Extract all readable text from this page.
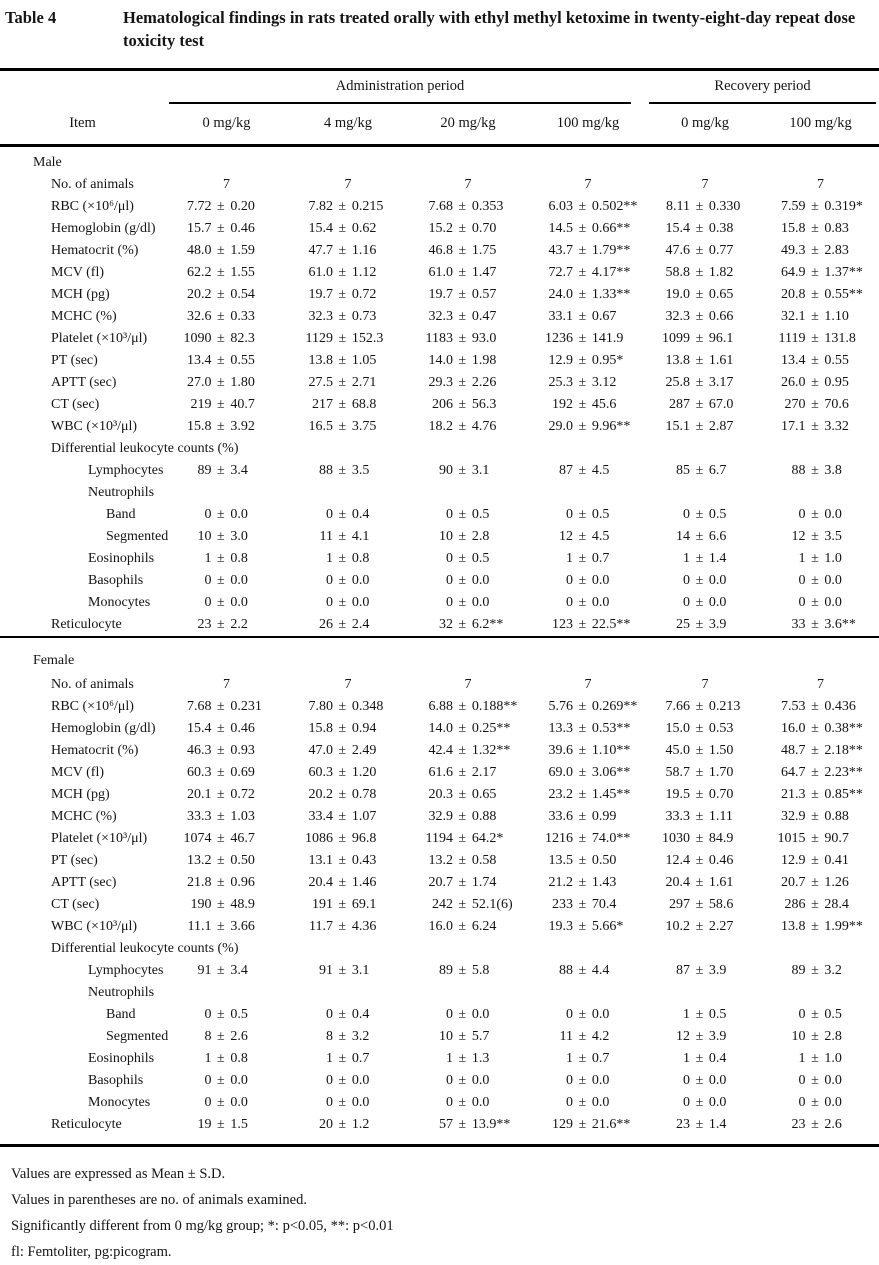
Table 4	Hematological findings in rats treated orally with ethyl methyl ketoxime in twenty-eight-day repeat dose
toxicity test

	Administration period				Recovery period	

Item	0 mg/kg	4 mg/kg	20 mg/kg	100 mg/kg	0 mg/kg	100 mg/kg
Male						
No. of animals	7	7	7	7	7	7
RBC (×10⁶/μl)	7.72 ± 0.20	7.82 ± 0.215	7.68 ± 0.353	6.03 ± 0.502**	8.11 ± 0.330	7.59 ± 0.319*
Hemoglobin (g/dl)	15.7 ± 0.46	15.4 ± 0.62	15.2 ± 0.70	14.5 ± 0.66**	15.4 ± 0.38	15.8 ± 0.83
Hematocrit (%)	48.0 ± 1.59	47.7 ± 1.16	46.8 ± 1.75	43.7 ± 1.79**	47.6 ± 0.77	49.3 ± 2.83
MCV (fl)	62.2 ± 1.55	61.0 ± 1.12	61.0 ± 1.47	72.7 ± 4.17**	58.8 ± 1.82	64.9 ± 1.37**
MCH (pg)	20.2 ± 0.54	19.7 ± 0.72	19.7 ± 0.57	24.0 ± 1.33**	19.0 ± 0.65	20.8 ± 0.55**
MCHC (%)	32.6 ± 0.33	32.3 ± 0.73	32.3 ± 0.47	33.1 ± 0.67	32.3 ± 0.66	32.1 ± 1.10
Platelet (×10³/μl)	1090 ± 82.3	1129 ± 152.3	1183 ± 93.0	1236 ± 141.9	1099 ± 96.1	1119 ± 131.8
PT (sec)	13.4 ± 0.55	13.8 ± 1.05	14.0 ± 1.98	12.9 ± 0.95*	13.8 ± 1.61	13.4 ± 0.55
APTT (sec)	27.0 ± 1.80	27.5 ± 2.71	29.3 ± 2.26	25.3 ± 3.12	25.8 ± 3.17	26.0 ± 0.95
CT (sec)	219 ± 40.7	217 ± 68.8	206 ± 56.3	192 ± 45.6	287 ± 67.0	270 ± 70.6
WBC (×10³/μl)	15.8 ± 3.92	16.5 ± 3.75	18.2 ± 4.76	29.0 ± 9.96**	15.1 ± 2.87	17.1 ± 3.32
Differential leukocyte counts (%)						
Lymphocytes	89 ± 3.4	88 ± 3.5	90 ± 3.1	87 ± 4.5	85 ± 6.7	88 ± 3.8
Neutrophils						
Band	0 ± 0.0	0 ± 0.4	0 ± 0.5	0 ± 0.5	0 ± 0.5	0 ± 0.0
Segmented	10 ± 3.0	11 ± 4.1	10 ± 2.8	12 ± 4.5	14 ± 6.6	12 ± 3.5
Eosinophils	1 ± 0.8	1 ± 0.8	0 ± 0.5	1 ± 0.7	1 ± 1.4	1 ± 1.0
Basophils	0 ± 0.0	0 ± 0.0	0 ± 0.0	0 ± 0.0	0 ± 0.0	0 ± 0.0
Monocytes	0 ± 0.0	0 ± 0.0	0 ± 0.0	0 ± 0.0	0 ± 0.0	0 ± 0.0
Reticulocyte	23 ± 2.2	26 ± 2.4	32 ± 6.2**	123 ± 22.5**	25 ± 3.9	33 ± 3.6**
Female						
No. of animals	7	7	7	7	7	7
RBC (×10⁶/μl)	7.68 ± 0.231	7.80 ± 0.348	6.88 ± 0.188**	5.76 ± 0.269**	7.66 ± 0.213	7.53 ± 0.436
Hemoglobin (g/dl)	15.4 ± 0.46	15.8 ± 0.94	14.0 ± 0.25**	13.3 ± 0.53**	15.0 ± 0.53	16.0 ± 0.38**
Hematocrit (%)	46.3 ± 0.93	47.0 ± 2.49	42.4 ± 1.32**	39.6 ± 1.10**	45.0 ± 1.50	48.7 ± 2.18**
MCV (fl)	60.3 ± 0.69	60.3 ± 1.20	61.6 ± 2.17	69.0 ± 3.06**	58.7 ± 1.70	64.7 ± 2.23**
MCH (pg)	20.1 ± 0.72	20.2 ± 0.78	20.3 ± 0.65	23.2 ± 1.45**	19.5 ± 0.70	21.3 ± 0.85**
MCHC (%)	33.3 ± 1.03	33.4 ± 1.07	32.9 ± 0.88	33.6 ± 0.99	33.3 ± 1.11	32.9 ± 0.88
Platelet (×10³/μl)	1074 ± 46.7	1086 ± 96.8	1194 ± 64.2*	1216 ± 74.0**	1030 ± 84.9	1015 ± 90.7
PT (sec)	13.2 ± 0.50	13.1 ± 0.43	13.2 ± 0.58	13.5 ± 0.50	12.4 ± 0.46	12.9 ± 0.41
APTT (sec)	21.8 ± 0.96	20.4 ± 1.46	20.7 ± 1.74	21.2 ± 1.43	20.4 ± 1.61	20.7 ± 1.26
CT (sec)	190 ± 48.9	191 ± 69.1	242 ± 52.1(6)	233 ± 70.4	297 ± 58.6	286 ± 28.4
WBC (×10³/μl)	11.1 ± 3.66	11.7 ± 4.36	16.0 ± 6.24	19.3 ± 5.66*	10.2 ± 2.27	13.8 ± 1.99**
Differential leukocyte counts (%)						
Lymphocytes	91 ± 3.4	91 ± 3.1	89 ± 5.8	88 ± 4.4	87 ± 3.9	89 ± 3.2
Neutrophils						
Band	0 ± 0.5	0 ± 0.4	0 ± 0.0	0 ± 0.0	1 ± 0.5	0 ± 0.5
Segmented	8 ± 2.6	8 ± 3.2	10 ± 5.7	11 ± 4.2	12 ± 3.9	10 ± 2.8
Eosinophils	1 ± 0.8	1 ± 0.7	1 ± 1.3	1 ± 0.7	1 ± 0.4	1 ± 1.0
Basophils	0 ± 0.0	0 ± 0.0	0 ± 0.0	0 ± 0.0	0 ± 0.0	0 ± 0.0
Monocytes	0 ± 0.0	0 ± 0.0	0 ± 0.0	0 ± 0.0	0 ± 0.0	0 ± 0.0
Reticulocyte	19 ± 1.5	20 ± 1.2	57 ± 13.9**	129 ± 21.6**	23 ± 1.4	23 ± 2.6
Values are expressed as Mean ± S.D.
Values in parentheses are no. of animals examined.
Significantly different from 0 mg/kg group; *: p<0.05, **: p<0.01
fl: Femtoliter, pg:picogram.
